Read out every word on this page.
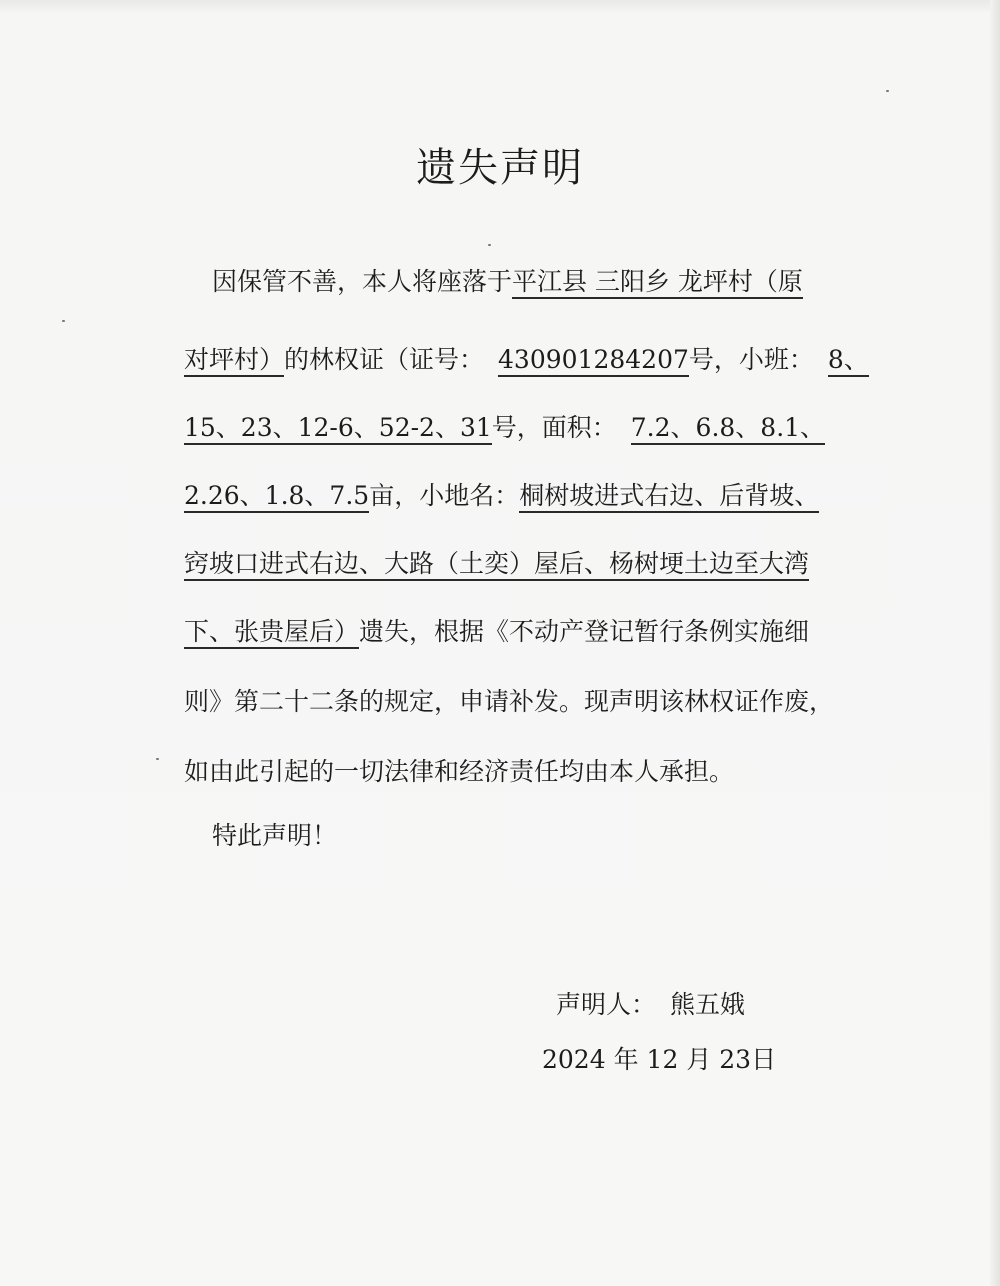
遗失声明
因保管不善，本人将座落于平江县 三阳乡 龙坪村（原
对坪村）的林权证（证号： 430901284207号，小班： 8、
15、23、12-6、52-2、31号，面积： 7.2、6.8、8.1、
2.26、1.8、7.5亩，小地名：桐树坡进式右边、后背坡、
窍坡口进式右边、大路（土奕）屋后、杨树埂土边至大湾
下、张贵屋后）遗失，根据《不动产登记暂行条例实施细
则》第二十二条的规定，申请补发。现声明该林权证作废，
如由此引起的一切法律和经济责任均由本人承担。
特此声明！
声明人： 熊五娥
2024 年 12 月 23日
